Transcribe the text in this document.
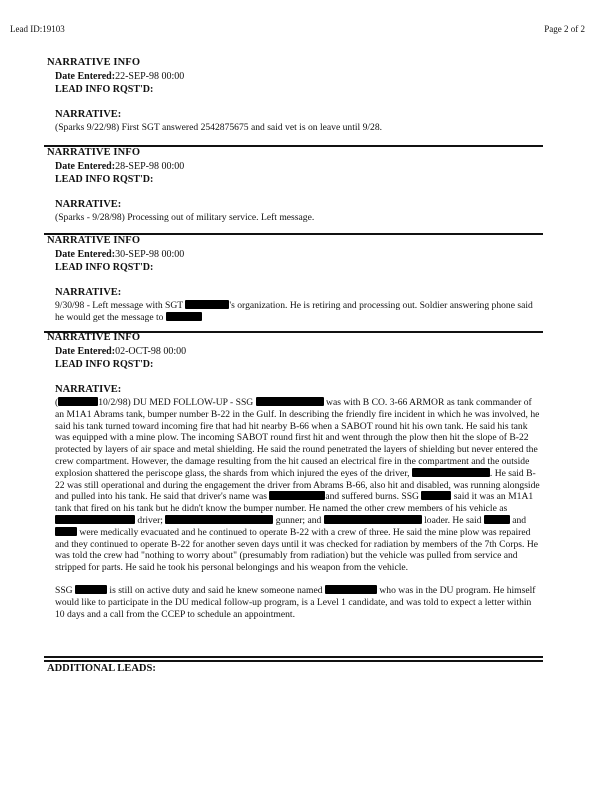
Lead ID:19103	Page 2 of 2
NARRATIVE INFO
Date Entered:22-SEP-98 00:00
LEAD INFO RQST'D:
NARRATIVE:
(Sparks 9/22/98) First SGT answered 2542875675 and said vet is on leave until 9/28.
NARRATIVE INFO
Date Entered:28-SEP-98 00:00
LEAD INFO RQST'D:
NARRATIVE:
(Sparks - 9/28/98) Processing out of military service. Left message.
NARRATIVE INFO
Date Entered:30-SEP-98 00:00
LEAD INFO RQST'D:
NARRATIVE:
9/30/98 - Left message with SGT	's organization. He is retiring and processing out. Soldier answering phone said he would get the message to
NARRATIVE INFO
Date Entered:02-OCT-98 00:00
LEAD INFO RQST'D:
NARRATIVE:
(	10/2/98) DU MED FOLLOW-UP - SSG	was with B CO. 3-66 ARMOR as tank commander of an M1A1 Abrams tank, bumper number B-22 in the Gulf. In describing the friendly fire incident in which he was involved, he said his tank turned toward incoming fire that had hit nearby B-66 when a SABOT round hit his own tank. He said his tank was equipped with a mine plow. The incoming SABOT round first hit and went through the plow then hit the slope of B-22 protected by layers of air space and metal shielding. He said the round penetrated the layers of shielding but never entered the crew compartment. However, the damage resulting from the hit caused an electrical fire in the compartment and the outside explosion shattered the periscope glass, the shards from which injured the eyes of the driver,	. He said B-22 was still operational and during the engagement the driver from Abrams B-66, also hit and disabled, was running alongside and pulled into his tank. He said that driver's name was	and suffered burns. SSG	said it was an M1A1 tank that fired on his tank but he didn't know the bumper number. He named the other crew members of his vehicle as  driver;	gunner; and	loader. He said	and  were medically evacuated and he continued to operate B-22 with a crew of three. He said the mine plow was repaired and they continued to operate B-22 for another seven days until it was checked for radiation by members of the 7th Corps. He was told the crew had "nothing to worry about" (presumably from radiation) but the vehicle was pulled from service and stripped for parts. He said he took his personal belongings and his weapon from the vehicle.
SSG	is still on active duty and said he knew someone named	who was in the DU program. He himself would like to participate in the DU medical follow-up program, is a Level 1 candidate, and was told to expect a letter within 10 days and a call from the CCEP to schedule an appointment.
ADDITIONAL LEADS:
